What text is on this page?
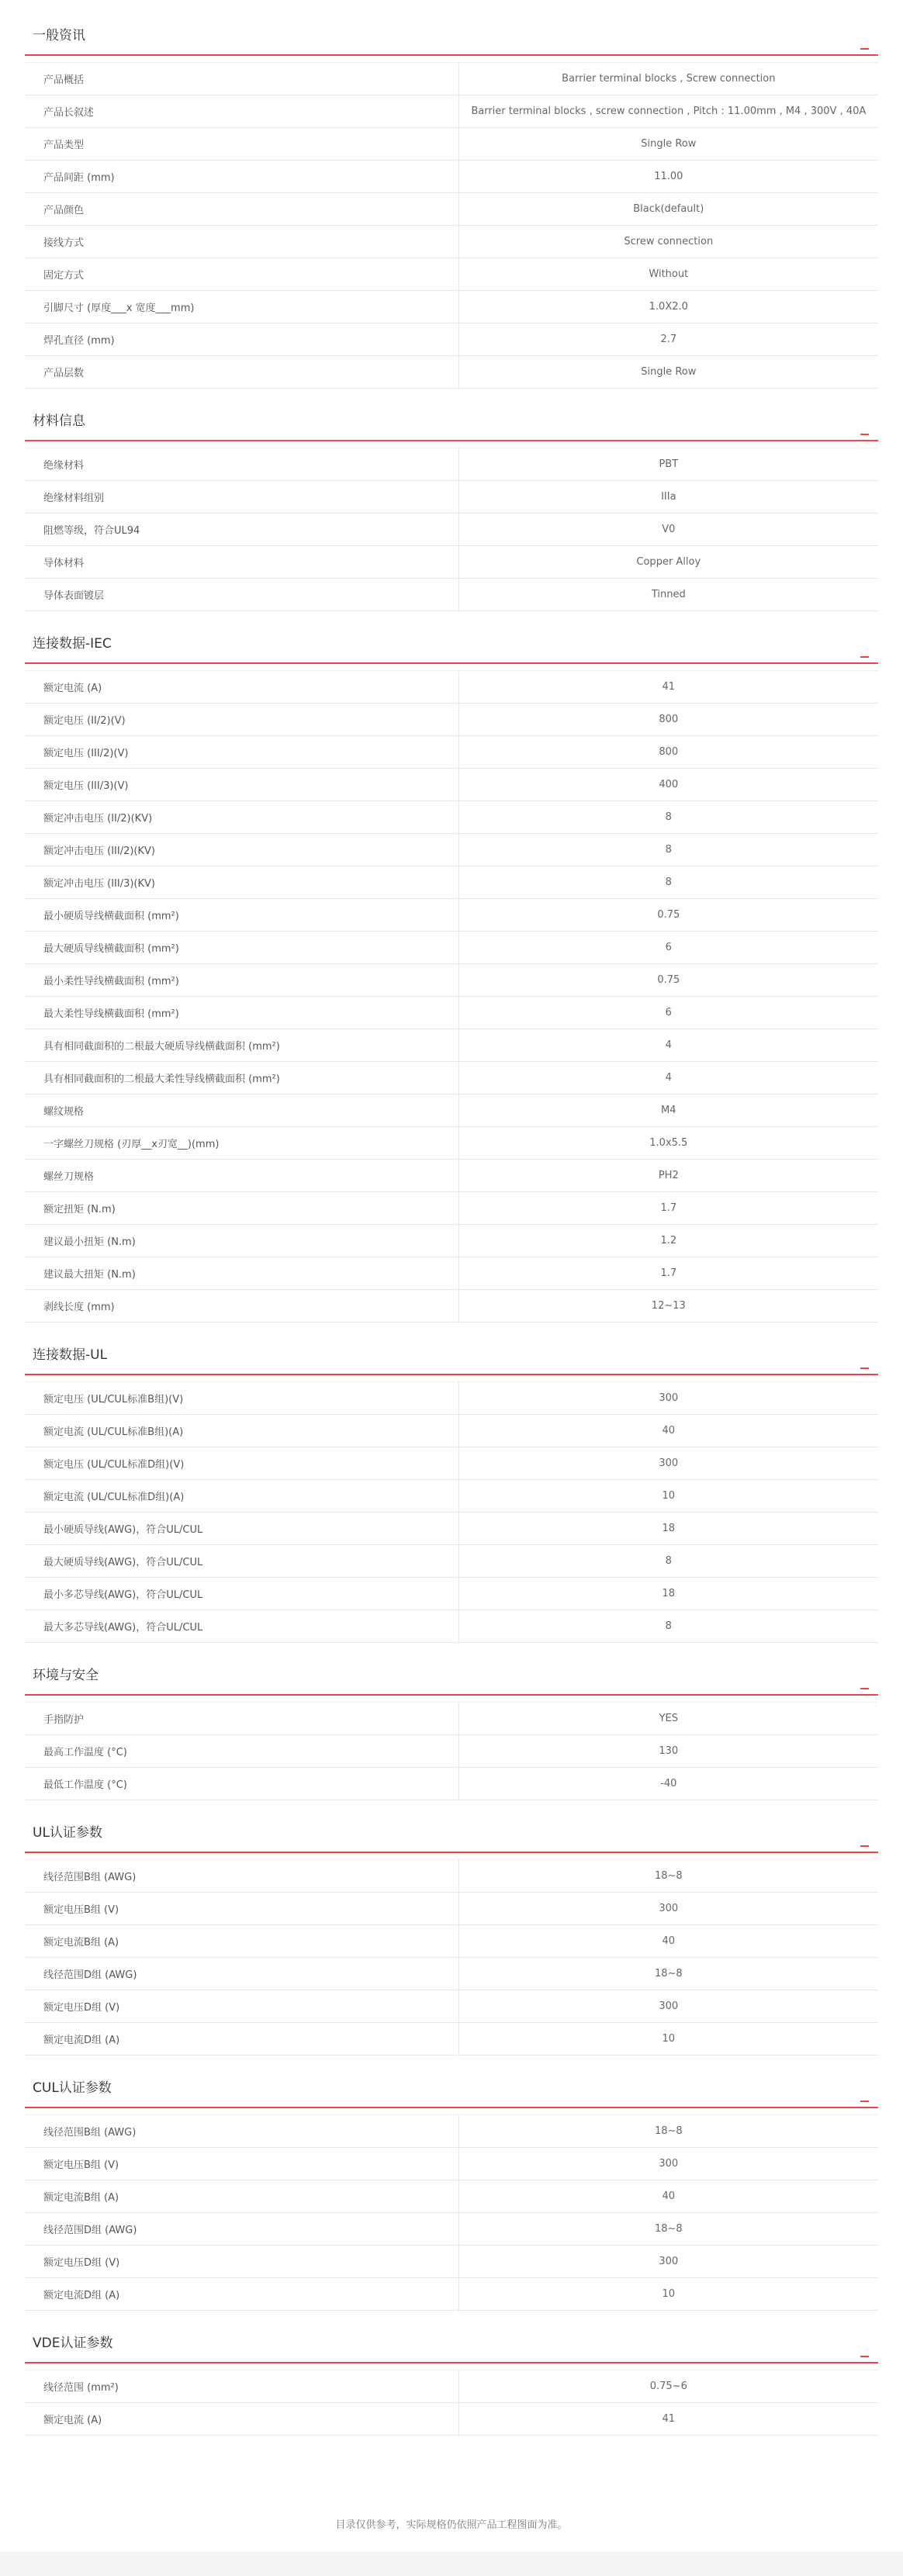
一般资讯
产品概括	Barrier terminal blocks , Screw connection
产品长叙述	Barrier terminal blocks , screw connection , Pitch : 11.00mm , M4 , 300V , 40A
产品类型	Single Row
产品间距 (mm)	11.00
产品颜色	Black(default)
接线方式	Screw connection
固定方式	Without
引脚尺寸 (厚度___x 宽度___mm)	1.0X2.0
焊孔直径 (mm)	2.7
产品层数	Single Row
材料信息
绝缘材料	PBT
绝缘材料组别	IIIa
阻燃等级，符合UL94	V0
导体材料	Copper Alloy
导体表面镀层	Tinned
连接数据-IEC
额定电流 (A)	41
额定电压 (II/2)(V)	800
额定电压 (III/2)(V)	800
额定电压 (III/3)(V)	400
额定冲击电压 (II/2)(KV)	8
额定冲击电压 (III/2)(KV)	8
额定冲击电压 (III/3)(KV)	8
最小硬质导线横截面积 (mm²)	0.75
最大硬质导线横截面积 (mm²)	6
最小柔性导线横截面积 (mm²)	0.75
最大柔性导线横截面积 (mm²)	6
具有相同截面积的二根最大硬质导线横截面积 (mm²)	4
具有相同截面积的二根最大柔性导线横截面积 (mm²)	4
螺纹规格	M4
一字螺丝刀规格 (刃厚__x刃宽__)(mm)	1.0x5.5
螺丝刀规格	PH2
额定扭矩 (N.m)	1.7
建议最小扭矩 (N.m)	1.2
建议最大扭矩 (N.m)	1.7
剥线长度 (mm)	12~13
连接数据-UL
额定电压 (UL/CUL标准B组)(V)	300
额定电流 (UL/CUL标准B组)(A)	40
额定电压 (UL/CUL标准D组)(V)	300
额定电流 (UL/CUL标准D组)(A)	10
最小硬质导线(AWG)，符合UL/CUL	18
最大硬质导线(AWG)，符合UL/CUL	8
最小多芯导线(AWG)，符合UL/CUL	18
最大多芯导线(AWG)，符合UL/CUL	8
环境与安全
手指防护	YES
最高工作温度 (°C)	130
最低工作温度 (°C)	-40
UL认证参数
线径范围B组 (AWG)	18~8
额定电压B组 (V)	300
额定电流B组 (A)	40
线径范围D组 (AWG)	18~8
额定电压D组 (V)	300
额定电流D组 (A)	10
CUL认证参数
线径范围B组 (AWG)	18~8
额定电压B组 (V)	300
额定电流B组 (A)	40
线径范围D组 (AWG)	18~8
额定电压D组 (V)	300
额定电流D组 (A)	10
VDE认证参数
线径范围 (mm²)	0.75~6
额定电流 (A)	41
目录仅供参考，实际规格仍依照产品工程图面为准。
